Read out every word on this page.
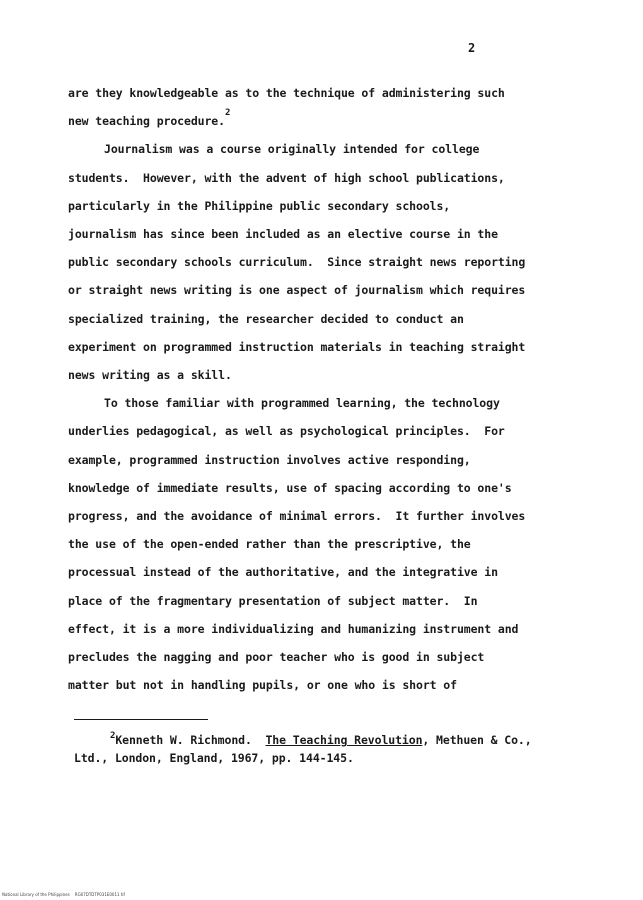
2
are they knowledgeable as to the technique of administering such
new teaching procedure.$^2$
Journalism was a course originally intended for college
students.  However, with the advent of high school publications,
particularly in the Philippine public secondary schools,
journalism has since been included as an elective course in the
public secondary schools curriculum.  Since straight news reporting
or straight news writing is one aspect of journalism which requires
specialized training, the researcher decided to conduct an
experiment on programmed instruction materials in teaching straight
news writing as a skill.
To those familiar with programmed learning, the technology
underlies pedagogical, as well as psychological principles.  For
example, programmed instruction involves active responding,
knowledge of immediate results, use of spacing according to one's
progress, and the avoidance of minimal errors.  It further involves
the use of the open-ended rather than the prescriptive, the
processual instead of the authoritative, and the integrative in
place of the fragmentary presentation of subject matter.  In
effect, it is a more individualizing and humanizing instrument and
precludes the nagging and poor teacher who is good in subject
matter but not in handling pupils, or one who is short of
$^2$Kenneth W. Richmond.  The Teaching Revolution, Methuen & Co.,
Ltd., London, England, 1967, pp. 144-145.
National Library of the Philippines    RG07DTDTP031E0011 tif
